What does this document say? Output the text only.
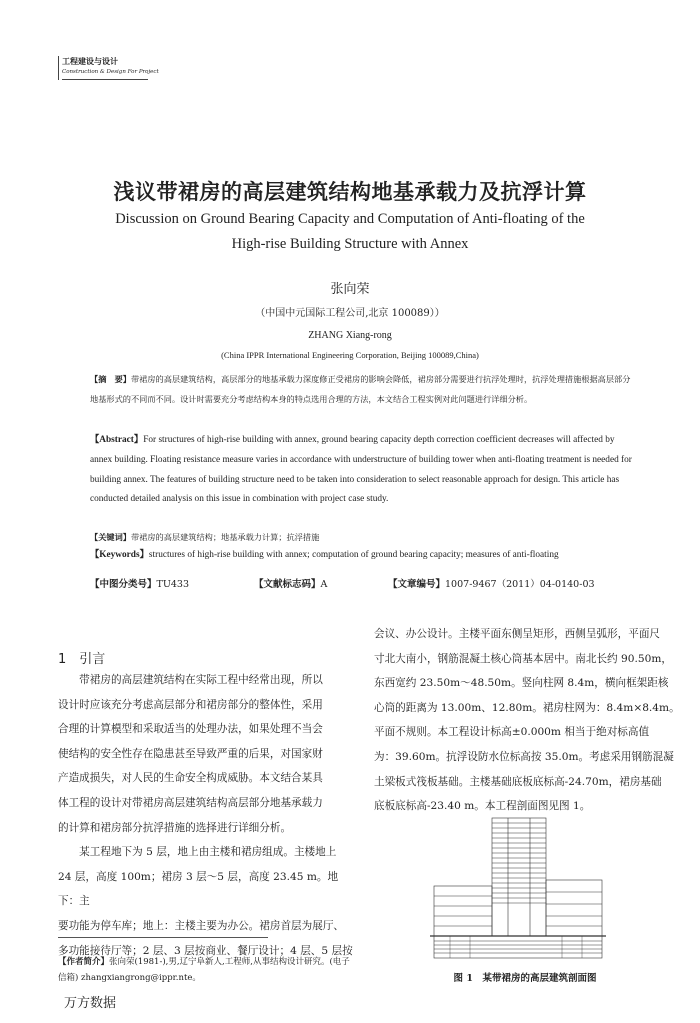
工程建设与设计
Construction & Design For Project
浅议带裙房的高层建筑结构地基承载力及抗浮计算
Discussion on Ground Bearing Capacity and Computation of Anti-floating of the
High-rise Building Structure with Annex
张向荣
（中国中元国际工程公司,北京 100089））
ZHANG Xiang-rong
(China IPPR International Engineering Corporation, Beijing 100089,China)
【摘　要】带裙房的高层建筑结构，高层部分的地基承载力深度修正受裙房的影响会降低，裙房部分需要进行抗浮处理时，抗浮处理措施根据高层部分地基形式的不同而不同。设计时需要充分考虑结构本身的特点选用合理的方法，本文结合工程实例对此问题进行详细分析。
【Abstract】For structures of high-rise building with annex, ground bearing capacity depth correction coefficient decreases will affected by annex building. Floating resistance measure varies in accordance with understructure of building tower when anti-floating treatment is needed for building annex. The features of building structure need to be taken into consideration to select reasonable approach for design. This article has conducted detailed analysis on this issue in combination with project case study.
【关键词】带裙房的高层建筑结构；地基承载力计算；抗浮措施
【Keywords】structures of high-rise building with annex; computation of ground bearing capacity; measures of anti-floating
【中图分类号】TU433	【文献标志码】A	【文章编号】1007-9467（2011）04-0140-03
1　引言
　　带裙房的高层建筑结构在实际工程中经常出现，所以
设计时应该充分考虑高层部分和裙房部分的整体性，采用
合理的计算模型和采取适当的处理办法，如果处理不当会
使结构的安全性存在隐患甚至导致严重的后果，对国家财
产造成损失，对人民的生命安全构成威胁。本文结合某具
体工程的设计对带裙房高层建筑结构高层部分地基承载力
的计算和裙房部分抗浮措施的选择进行详细分析。
　　某工程地下为 5 层，地上由主楼和裙房组成。主楼地上
24 层，高度 100m；裙房 3 层～5 层，高度 23.45 m。地下：主
要功能为停车库；地上：主楼主要为办公。裙房首层为展厅、
多功能接待厅等；2 层、3 层按商业、餐厅设计；4 层、5 层按
会议、办公设计。主楼平面东侧呈矩形，西侧呈弧形，平面尺
寸北大南小，钢筋混凝土核心筒基本居中。南北长约 90.50m，
东西宽约 23.50m～48.50m。竖向柱网 8.4m，横向框架距核
心筒的距离为 13.00m、12.80m。裙房柱网为：8.4m×8.4m。
平面不规则。本工程设计标高±0.000m 相当于绝对标高值
为：39.60m。抗浮设防水位标高按 35.0m。考虑采用钢筋混凝
土梁板式筏板基础。主楼基础底板底标高-24.70m，裙房基础
底板底标高-23.40 m。本工程剖面图见图 1。
图 1　某带裙房的高层建筑剖面图
【作者简介】张向荣(1981-),男,辽宁阜新人,工程师,从事结构设计研究。(电子信箱) zhangxiangrong@ippr.nte。
万方数据
